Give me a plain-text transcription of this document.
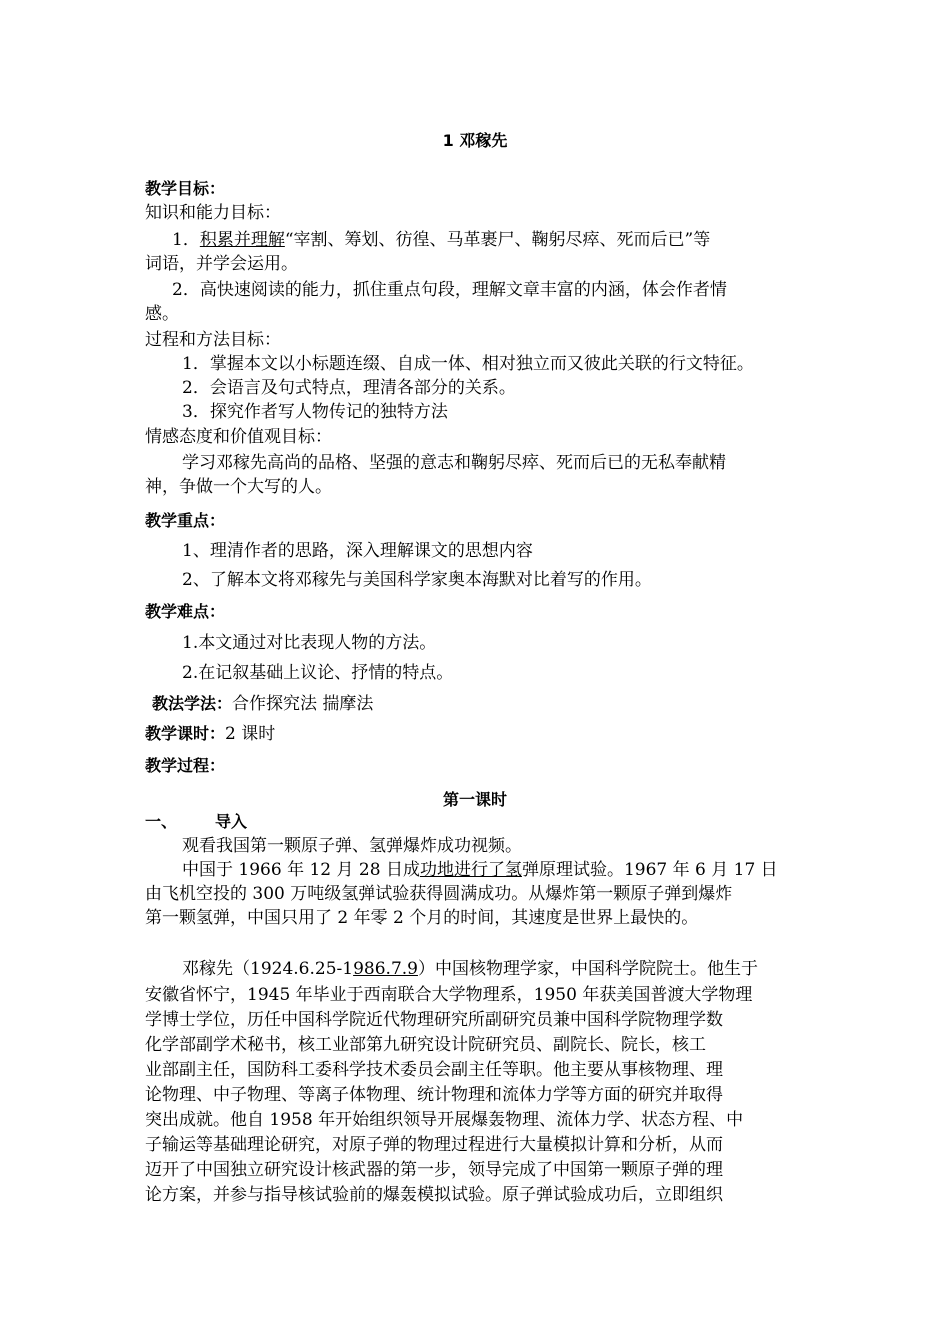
1 邓稼先
教学目标：
知识和能力目标：
1．积累并理解“宰割、筹划、彷徨、马革裹尸、鞠躬尽瘁、死而后已”等
词语，并学会运用。
2．高快速阅读的能力，抓住重点句段，理解文章丰富的内涵，体会作者情
感。
过程和方法目标：
1．掌握本文以小标题连缀、自成一体、相对独立而又彼此关联的行文特征。
2．会语言及句式特点，理清各部分的关系。
3．探究作者写人物传记的独特方法
情感态度和价值观目标：
学习邓稼先高尚的品格、坚强的意志和鞠躬尽瘁、死而后已的无私奉献精
神，争做一个大写的人。
教学重点：
1、理清作者的思路，深入理解课文的思想内容
2、了解本文将邓稼先与美国科学家奥本海默对比着写的作用。
教学难点：
1.本文通过对比表现人物的方法。
2.在记叙基础上议论、抒情的特点。
教法学法：合作探究法 揣摩法
教学课时：2 课时
教学过程：
第一课时
一、	导入
观看我国第一颗原子弹、氢弹爆炸成功视频。
中国于 1966 年 12 月 28 日成功地进行了氢弹原理试验。1967 年 6 月 17 日
由飞机空投的 300 万吨级氢弹试验获得圆满成功。从爆炸第一颗原子弹到爆炸
第一颗氢弹，中国只用了 2 年零 2 个月的时间，其速度是世界上最快的。
邓稼先（1924.6.25-1986.7.9）中国核物理学家，中国科学院院士。他生于
安徽省怀宁，1945 年毕业于西南联合大学物理系，1950 年获美国普渡大学物理
学博士学位，历任中国科学院近代物理研究所副研究员兼中国科学院物理学数
化学部副学术秘书，核工业部第九研究设计院研究员、副院长、院长，核工
业部副主任，国防科工委科学技术委员会副主任等职。他主要从事核物理、理
论物理、中子物理、等离子体物理、统计物理和流体力学等方面的研究并取得
突出成就。他自 1958 年开始组织领导开展爆轰物理、流体力学、状态方程、中
子输运等基础理论研究，对原子弹的物理过程进行大量模拟计算和分析，从而
迈开了中国独立研究设计核武器的第一步，领导完成了中国第一颗原子弹的理
论方案，并参与指导核试验前的爆轰模拟试验。原子弹试验成功后，立即组织
